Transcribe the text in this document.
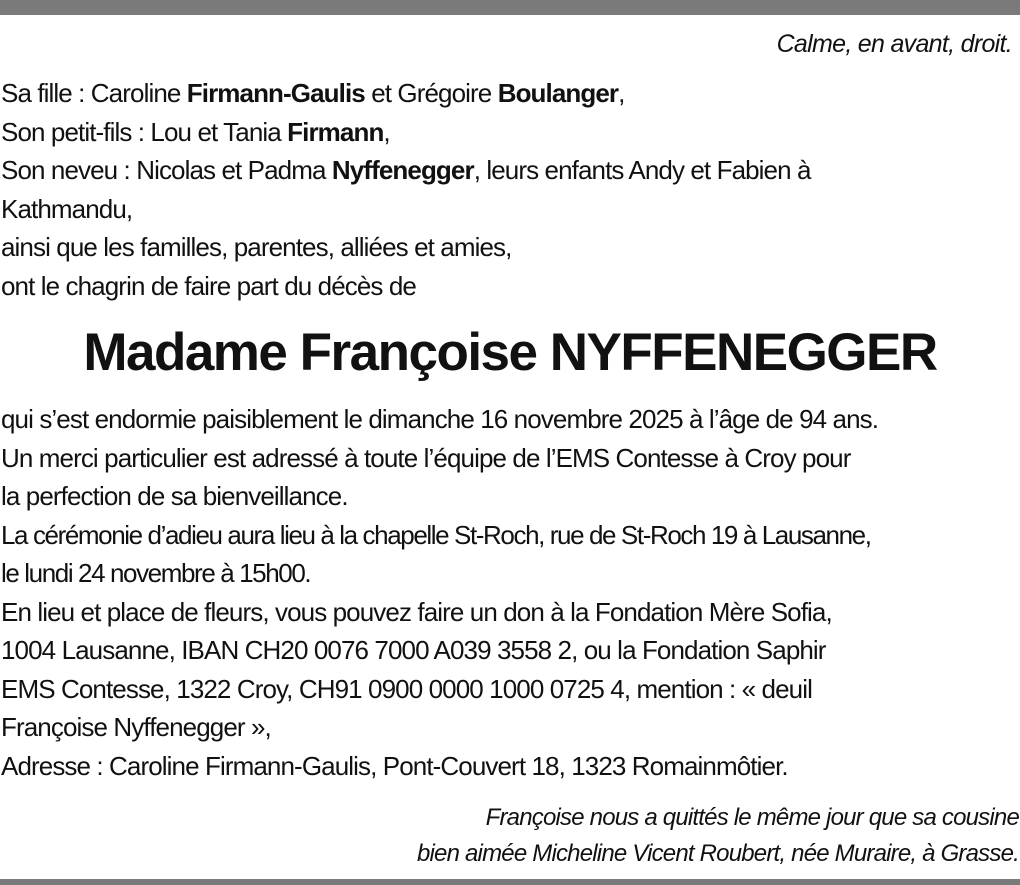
Calme, en avant, droit.
Sa fille : Caroline Firmann-Gaulis et Grégoire Boulanger,
Son petit-fils : Lou et Tania Firmann,
Son neveu : Nicolas et Padma Nyffenegger, leurs enfants Andy et Fabien à
Kathmandu,
ainsi que les familles, parentes, alliées et amies,
ont le chagrin de faire part du décès de
Madame Françoise NYFFENEGGER
qui s’est endormie paisiblement le dimanche 16 novembre 2025 à l’âge de 94 ans.
Un merci particulier est adressé à toute l’équipe de l’EMS Contesse à Croy pour
la perfection de sa bienveillance.
La cérémonie d’adieu aura lieu à la chapelle St-Roch, rue de St-Roch 19 à Lausanne,
le lundi 24 novembre à 15h00.
En lieu et place de fleurs, vous pouvez faire un don à la Fondation Mère Sofia,
1004 Lausanne, IBAN CH20 0076 7000 A039 3558 2, ou la Fondation Saphir
EMS Contesse, 1322 Croy, CH91 0900 0000 1000 0725 4, mention : « deuil
Françoise Nyffenegger »,
Adresse : Caroline Firmann-Gaulis, Pont-Couvert 18, 1323 Romainmôtier.
Françoise nous a quittés le même jour que sa cousine
bien aimée Micheline Vicent Roubert, née Muraire, à Grasse.
